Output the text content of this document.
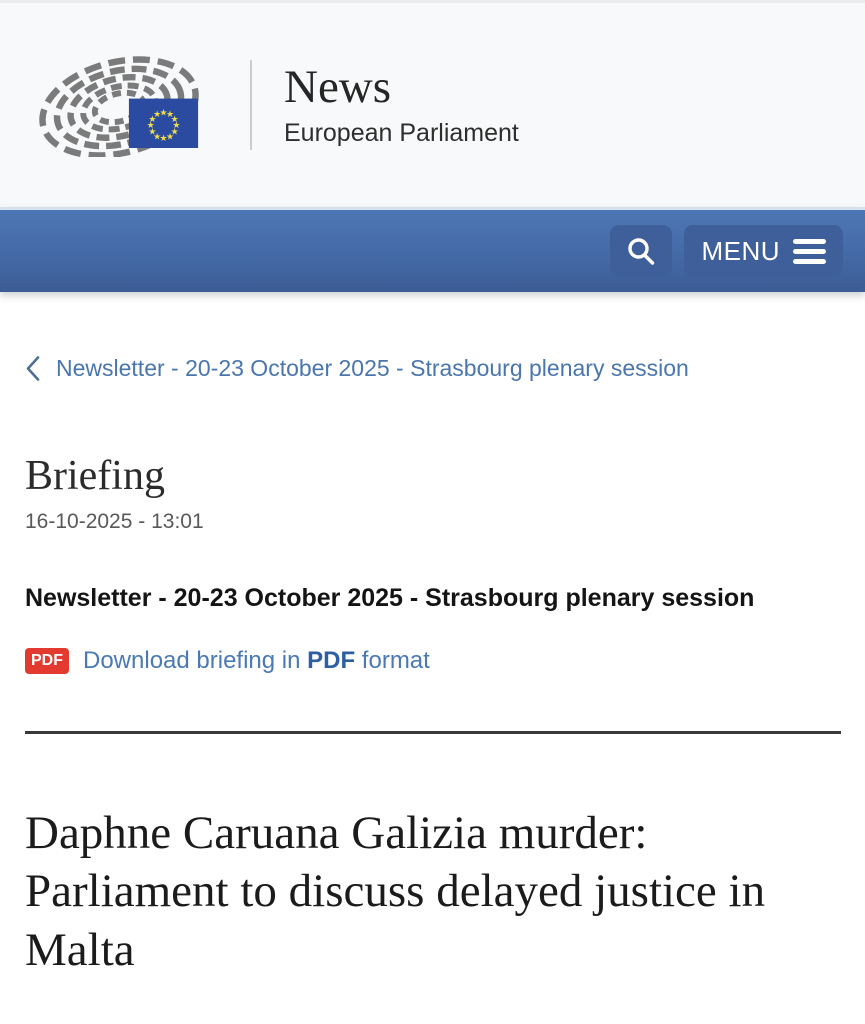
★
★
★
★
★
★
★
★
★
★
★
★
News
European Parliament
MENU
Newsletter - 20-23 October 2025 - Strasbourg plenary session
Briefing
16-10-2025 - 13:01
Newsletter - 20-23 October 2025 - Strasbourg plenary session
PDF Download briefing in PDF format
Daphne Caruana Galizia murder: Parliament to discuss delayed justice in Malta
